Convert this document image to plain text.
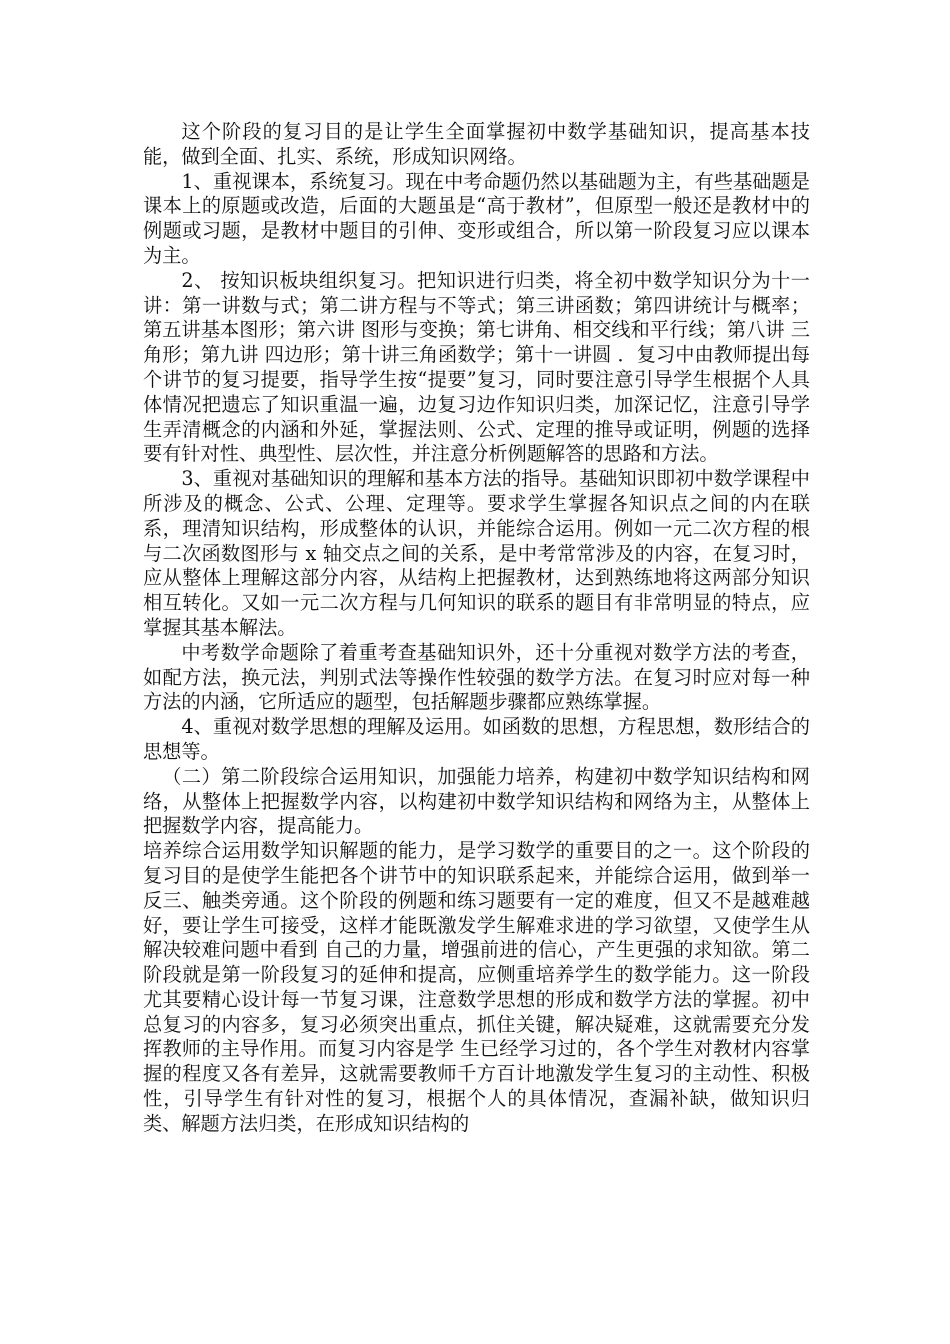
这个阶段的复习目的是让学生全面掌握初中数学基础知识，提高基本技能，做到全面、扎实、系统，形成知识网络。

1、重视课本，系统复习。现在中考命题仍然以基础题为主，有些基础题是课本上的原题或改造，后面的大题虽是“高于教材”，但原型一般还是教材中的例题或习题，是教材中题目的引伸、变形或组合，所以第一阶段复习应以课本为主。

2、 按知识板块组织复习。把知识进行归类，将全初中数学知识分为十一讲：第一讲数与式；第二讲方程与不等式；第三讲函数；第四讲统计与概率；第五讲基本图形；第六讲 图形与变换；第七讲角、相交线和平行线；第八讲 三角形；第九讲 四边形；第十讲三角函数学；第十一讲圆 ．复习中由教师提出每个讲节的复习提要，指导学生按“提要”复习，同时要注意引导学生根据个人具体情况把遗忘了知识重温一遍，边复习边作知识归类，加深记忆，注意引导学生弄清概念的内涵和外延，掌握法则、公式、定理的推导或证明，例题的选择要有针对性、典型性、层次性，并注意分析例题解答的思路和方法。

3、重视对基础知识的理解和基本方法的指导。基础知识即初中数学课程中所涉及的概念、公式、公理、定理等。要求学生掌握各知识点之间的内在联系，理清知识结构，形成整体的认识，并能综合运用。例如一元二次方程的根与二次函数图形与 x 轴交点之间的关系，是中考常常涉及的内容，在复习时，应从整体上理解这部分内容，从结构上把握教材，达到熟练地将这两部分知识相互转化。又如一元二次方程与几何知识的联系的题目有非常明显的特点，应掌握其基本解法。

中考数学命题除了着重考查基础知识外，还十分重视对数学方法的考查，如配方法，换元法，判别式法等操作性较强的数学方法。在复习时应对每一种方法的内涵，它所适应的题型，包括解题步骤都应熟练掌握。

4、重视对数学思想的理解及运用。如函数的思想，方程思想，数形结合的思想等。

（二）第二阶段综合运用知识，加强能力培养，构建初中数学知识结构和网络，从整体上把握数学内容，以构建初中数学知识结构和网络为主，从整体上把握数学内容，提高能力。

培养综合运用数学知识解题的能力，是学习数学的重要目的之一。这个阶段的复习目的是使学生能把各个讲节中的知识联系起来，并能综合运用，做到举一反三、触类旁通。这个阶段的例题和练习题要有一定的难度，但又不是越难越好，要让学生可接受，这样才能既激发学生解难求进的学习欲望，又使学生从解决较难问题中看到 自己的力量，增强前进的信心，产生更强的求知欲。第二阶段就是第一阶段复习的延伸和提高，应侧重培养学生的数学能力。这一阶段尤其要精心设计每一节复习课，注意数学思想的形成和数学方法的掌握。初中总复习的内容多，复习必须突出重点，抓住关键，解决疑难，这就需要充分发挥教师的主导作用。而复习内容是学 生已经学习过的，各个学生对教材内容掌握的程度又各有差异，这就需要教师千方百计地激发学生复习的主动性、积极性，引导学生有针对性的复习，根据个人的具体情况，查漏补缺，做知识归类、解题方法归类，在形成知识结构的
